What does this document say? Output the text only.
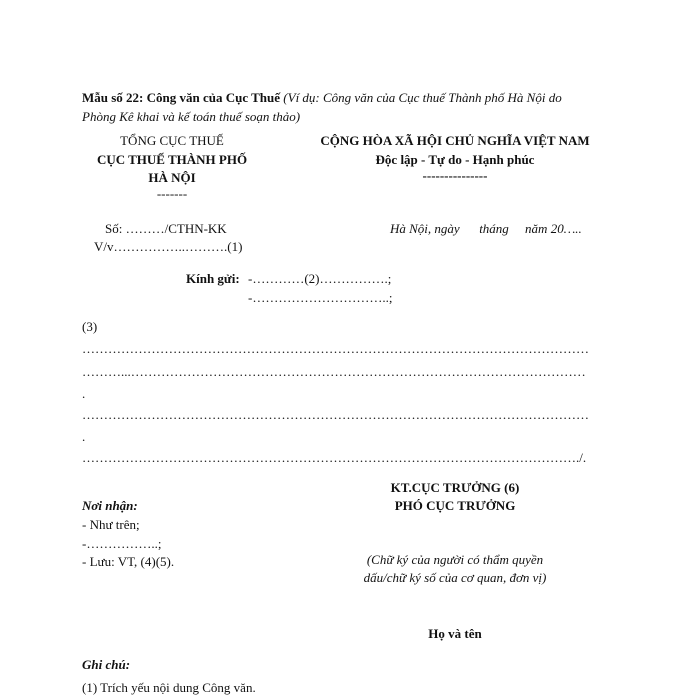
Mẫu số 22: Công văn của Cục Thuế (Ví dụ: Công văn của Cục thuế Thành phố Hà Nội do
Phòng Kê khai và kế toán thuế soạn thảo)
TỔNG CỤC THUẾ
CỤC THUẾ THÀNH PHỐ
HÀ NỘI
-------
CỘNG HÒA XÃ HỘI CHỦ NGHĨA VIỆT NAM
Độc lập - Tự do - Hạnh phúc
---------------
Số: ………/CTHN-KK
V/v……………..……….(1)
Hà Nội, ngày      tháng     năm 20…..
Kính gửi: -…………(2)…………….;
-…………………………..;
(3)
………………………………………………………………………………………………………
………...……………………………………………………………………………………………
.
………………………………………………………………………………………………………
.
……………………………………………………………………………………………………./.
KT.CỤC TRƯỞNG (6)
PHÓ CỤC TRƯỞNG
(Chữ ký của người có thẩm quyền
dấu/chữ ký số của cơ quan, đơn vị)
Họ và tên
Nơi nhận:
- Như trên;
-……………..;
- Lưu: VT, (4)(5).
Ghi chú:
(1) Trích yếu nội dung Công văn.
